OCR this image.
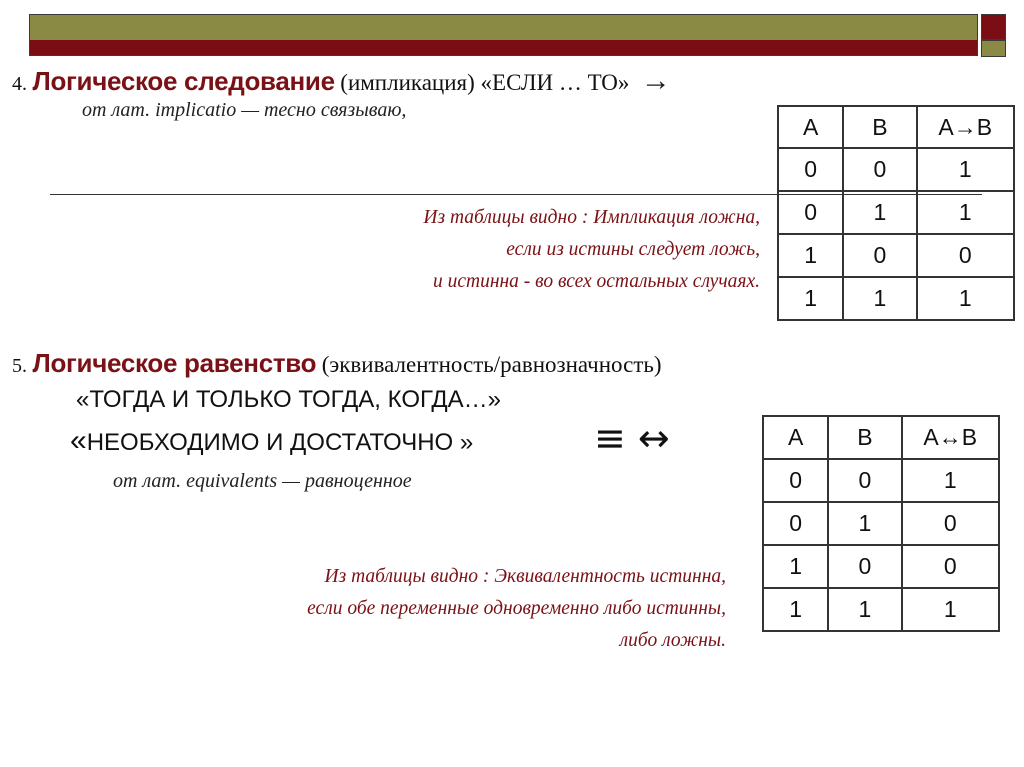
4. Логическое следование (импликация) «ЕСЛИ … ТО» →
от лат. implicatio — тесно связываю,
Из таблицы видно : Импликация ложна,
если из истины следует ложь,
и истинна - во всех остальных случаях.
A	B	A→B
0	0	1
0	1	1
1	0	0
1	1	1
5. Логическое равенство (эквивалентность/равнозначность)
«ТОГДА И ТОЛЬКО ТОГДА, КОГДА…»
«НЕОБХОДИМО И ДОСТАТОЧНО »	≡ ↔
от лат. equivalents — равноценное
Из таблицы видно : Эквивалентность истинна,
если обе переменные одновременно либо истинны,
либо ложны.
A	B	A↔B
0	0	1
0	1	0
1	0	0
1	1	1
